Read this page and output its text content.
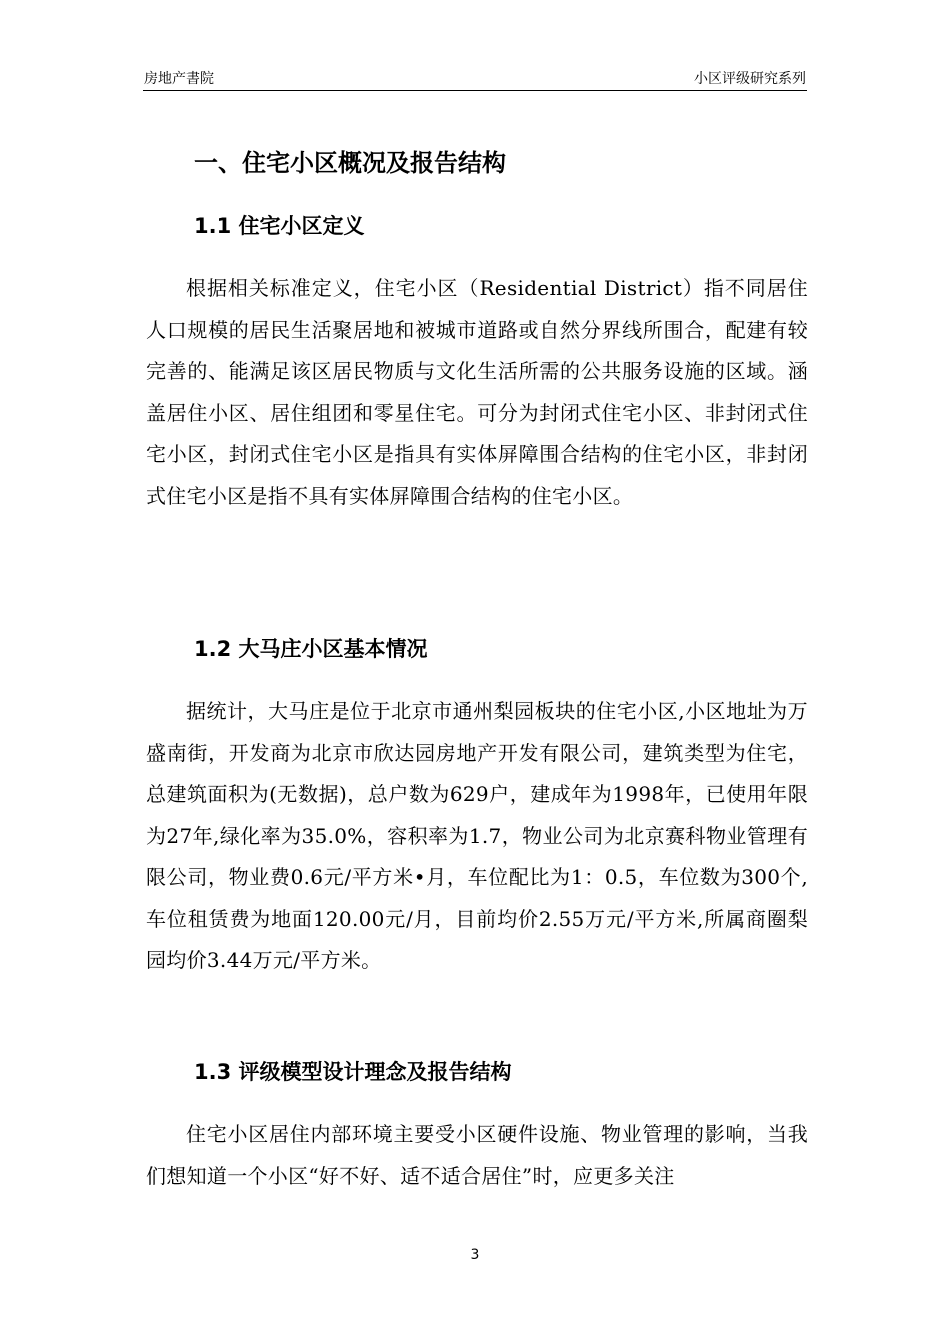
房地产書院	小区评级研究系列
一、住宅小区概况及报告结构
1.1 住宅小区定义

根据相关标准定义，住宅小区（Residential District）指不同居住人口规模的居民生活聚居地和被城市道路或自然分界线所围合，配建有较完善的、能满足该区居民物质与文化生活所需的公共服务设施的区域。涵盖居住小区、居住组团和零星住宅。可分为封闭式住宅小区、非封闭式住宅小区，封闭式住宅小区是指具有实体屏障围合结构的住宅小区，非封闭式住宅小区是指不具有实体屏障围合结构的住宅小区。

1.2 大马庄小区基本情况

据统计，大马庄是位于北京市通州梨园板块的住宅小区,小区地址为万盛南街，开发商为北京市欣达园房地产开发有限公司，建筑类型为住宅，总建筑面积为(无数据)，总户数为629户，建成年为1998年，已使用年限为27年,绿化率为35.0%，容积率为1.7，物业公司为北京赛科物业管理有限公司，物业费0.6元/平方米•月，车位配比为1：0.5，车位数为300个,车位租赁费为地面120.00元/月，目前均价2.55万元/平方米,所属商圈梨园均价3.44万元/平方米。

1.3 评级模型设计理念及报告结构

住宅小区居住内部环境主要受小区硬件设施、物业管理的影响，当我们想知道一个小区“好不好、适不适合居住”时，应更多关注

3
